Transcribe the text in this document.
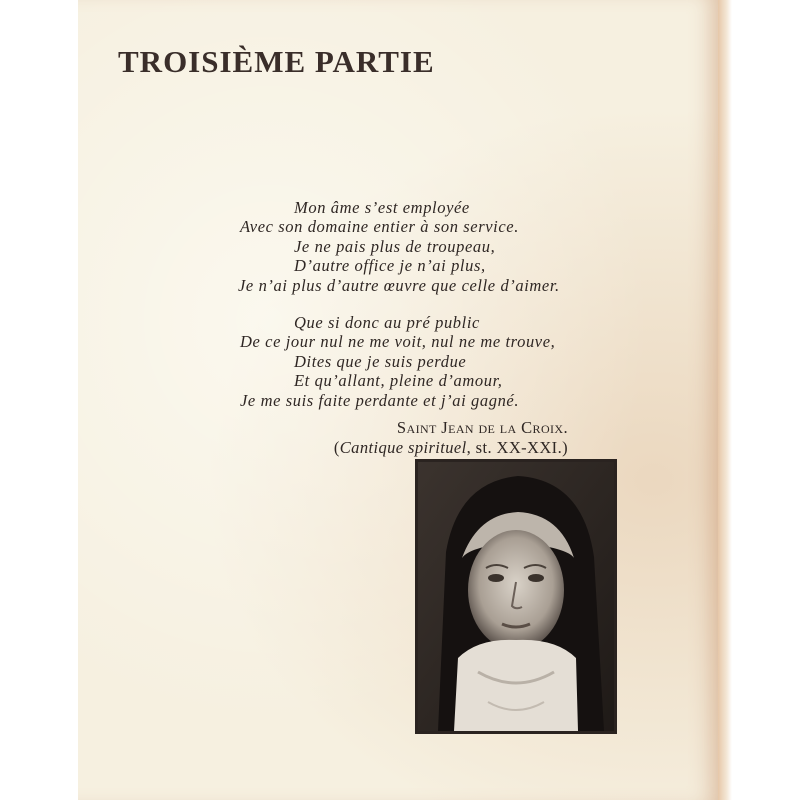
TROISIÈME PARTIE
Mon âme s’est employée
Avec son domaine entier à son service.
Je ne pais plus de troupeau,
D’autre office je n’ai plus,
Je n’ai plus d’autre œuvre que celle d’aimer.
Que si donc au pré public
De ce jour nul ne me voit, nul ne me trouve,
Dites que je suis perdue
Et qu’allant, pleine d’amour,
Je me suis faite perdante et j’ai gagné.
Saint Jean de la Croix.
(Cantique spirituel, st. XX-XXI.)
